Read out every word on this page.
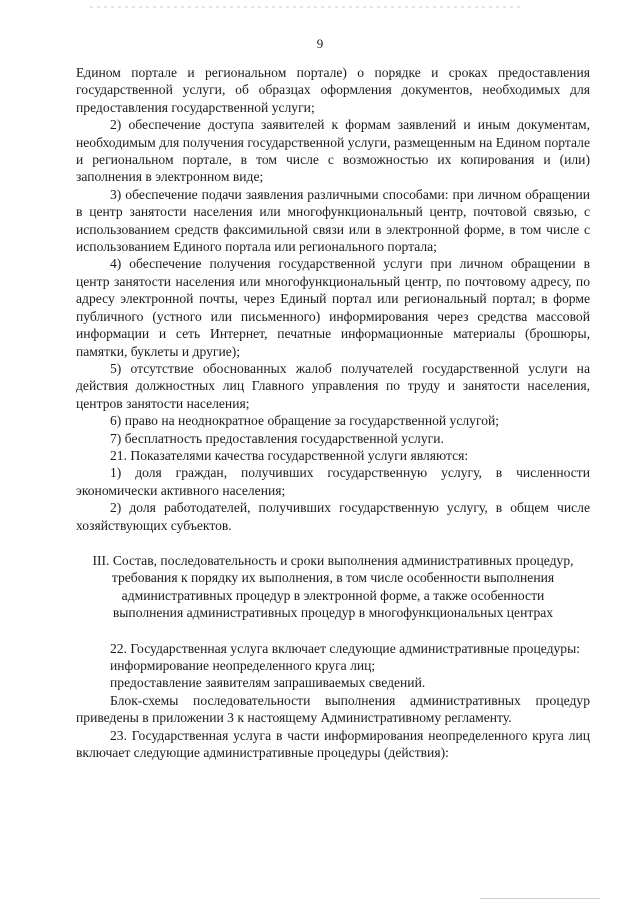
9

Едином портале и региональном портале) о порядке и сроках предоставления государственной услуги, об образцах оформления документов, необходимых для предоставления государственной услуги;

2) обеспечение доступа заявителей к формам заявлений и иным документам, необходимым для получения государственной услуги, размещенным на Едином портале и региональном портале, в том числе с возможностью их копирования и (или) заполнения в электронном виде;

3) обеспечение подачи заявления различными способами: при личном обращении в центр занятости населения или многофункциональный центр, почтовой связью, с использованием средств факсимильной связи или в электронной форме, в том числе с использованием Единого портала или регионального портала;

4) обеспечение получения государственной услуги при личном обращении в центр занятости населения или многофункциональный центр, по почтовому адресу, по адресу электронной почты, через Единый портал или региональный портал; в форме публичного (устного или письменного) информирования через средства массовой информации и сеть Интернет, печатные информационные материалы (брошюры, памятки, буклеты и другие);

5) отсутствие обоснованных жалоб получателей государственной услуги на действия должностных лиц Главного управления по труду и занятости населения, центров занятости населения;

6) право на неоднократное обращение за государственной услугой;

7) бесплатность предоставления государственной услуги.

21. Показателями качества государственной услуги являются:

1) доля граждан, получивших государственную услугу, в численности экономически активного населения;

2) доля работодателей, получивших государственную услугу, в общем числе хозяйствующих субъектов.

III. Состав, последовательность и сроки выполнения административных процедур, требования к порядку их выполнения, в том числе особенности выполнения административных процедур в электронной форме, а также особенности выполнения административных процедур в многофункциональных центрах

22. Государственная услуга включает следующие административные процедуры:

информирование неопределенного круга лиц;

предоставление заявителям запрашиваемых сведений.

Блок-схемы последовательности выполнения административных процедур приведены в приложении 3 к настоящему Административному регламенту.

23. Государственная услуга в части информирования неопределенного круга лиц включает следующие административные процедуры (действия):
